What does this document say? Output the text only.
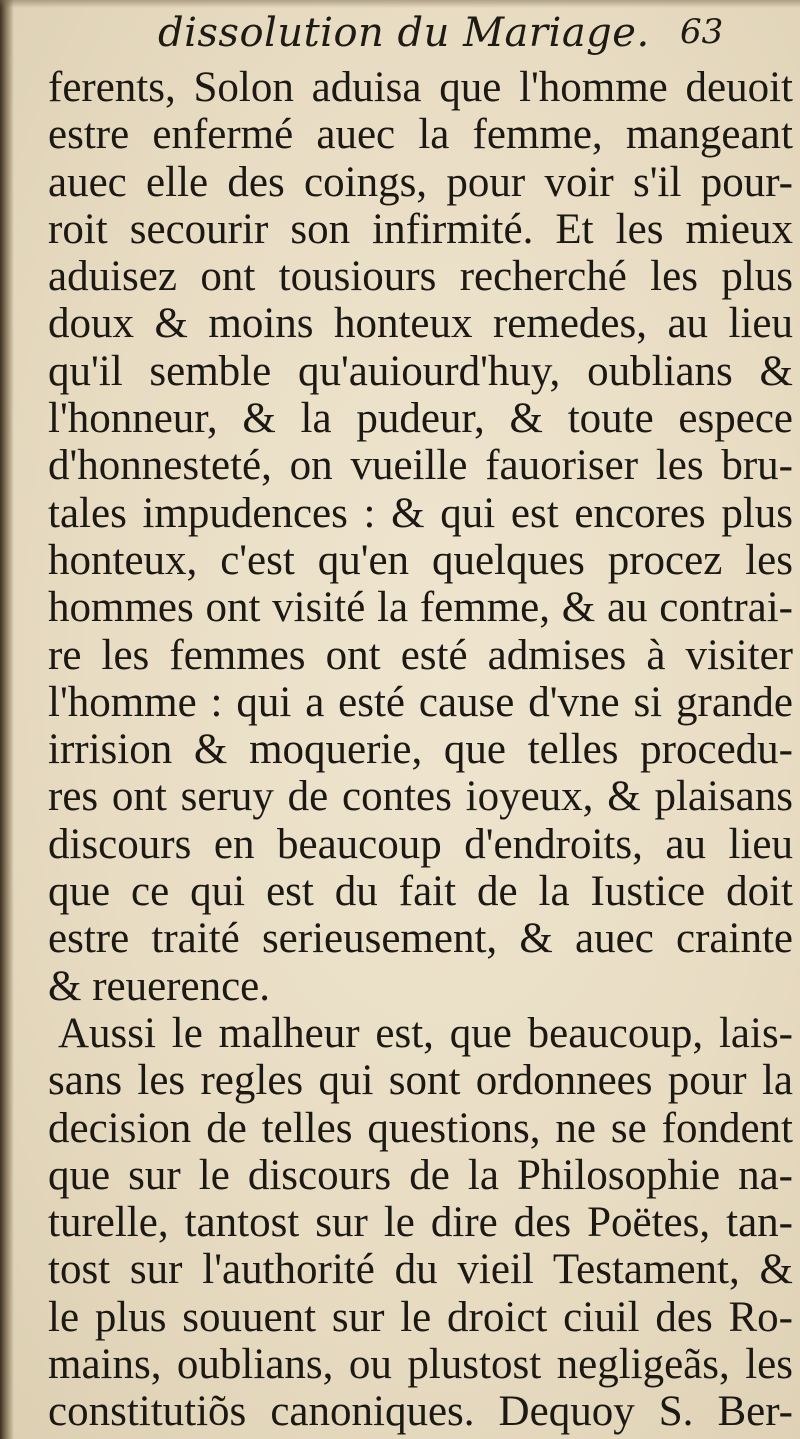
dissolution du Mariage. 63
ferents, Solon aduisa que l'homme deuoit
estre enfermé auec la femme, mangeant
auec elle des coings, pour voir s'il pour-
roit secourir son infirmité. Et les mieux
aduisez ont tousiours recherché les plus
doux & moins honteux remedes, au lieu
qu'il semble qu'auiourd'huy, oublians &
l'honneur, & la pudeur, & toute espece
d'honnesteté, on vueille fauoriser les bru-
tales impudences : & qui est encores plus
honteux, c'est qu'en quelques procez les
hommes ont visité la femme, & au contrai-
re les femmes ont esté admises à visiter
l'homme : qui a esté cause d'vne si grande
irrision & moquerie, que telles procedu-
res ont seruy de contes ioyeux, & plaisans
discours en beaucoup d'endroits, au lieu
que ce qui est du fait de la Iustice doit
estre traité serieusement, & auec crainte
& reuerence.
Aussi le malheur est, que beaucoup, lais-
sans les regles qui sont ordonnees pour la
decision de telles questions, ne se fondent
que sur le discours de la Philosophie na-
turelle, tantost sur le dire des Poëtes, tan-
tost sur l'authorité du vieil Testament, &
le plus souuent sur le droict ciuil des Ro-
mains, oublians, ou plustost negligeãs, les
constitutiõs canoniques. Dequoy S. Ber-
